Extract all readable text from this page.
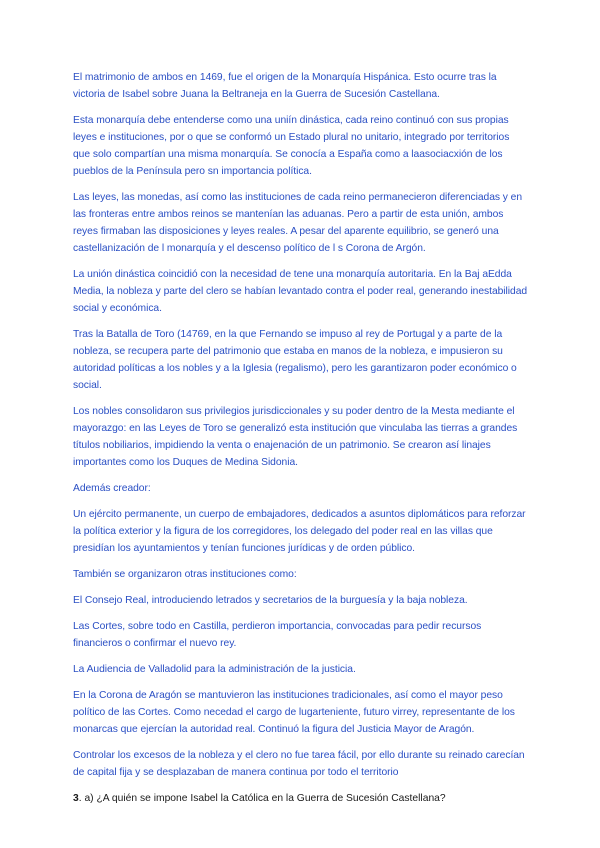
El matrimonio de ambos en 1469, fue el origen de la Monarquía Hispánica. Esto ocurre tras la victoria de Isabel sobre Juana la Beltraneja en la Guerra de Sucesión Castellana.

Esta monarquía debe entenderse como una uniín dinástica, cada reino continuó con sus propias leyes e instituciones, por o que se conformó un Estado plural no unitario, integrado por territorios que solo compartían una misma monarquía. Se conocía a España como a laasociacxión de los pueblos de la Península pero sn importancia política.

Las leyes, las monedas, así como las instituciones de cada reino permanecieron diferenciadas y en las fronteras entre ambos reinos se mantenían las aduanas. Pero a partir de esta unión, ambos reyes firmaban las disposiciones y leyes reales. A pesar del aparente equilibrio, se generó una castellanización de l monarquía y el descenso político de l s Corona de Argón.

La unión dinástica coincidió con la necesidad de tene una monarquía autoritaria. En la Baj aEdda Media, la nobleza y parte del clero se habían levantado contra el poder real, generando inestabilidad social y económica.

Tras la Batalla de Toro (14769, en la que Fernando se impuso al rey de Portugal y a parte de la nobleza, se recupera parte del patrimonio que estaba en manos de la nobleza, e impusieron su autoridad políticas a los nobles y a la Iglesia (regalismo), pero les garantizaron poder económico o social.

Los nobles consolidaron sus privilegios jurisdiccionales y su poder dentro de la Mesta mediante el mayorazgo: en las Leyes de Toro se generalizó esta institución que vinculaba las tierras a grandes títulos nobiliarios, impidiendo la venta o enajenación de un patrimonio. Se crearon así linajes importantes como los Duques de Medina Sidonia.

Además creador:

Un ejército permanente, un cuerpo de embajadores, dedicados a asuntos diplomáticos para reforzar la política exterior y la figura de los corregidores, los delegado del poder real en las villas que presidían los ayuntamientos y tenían funciones jurídicas y de orden público.

También se organizaron otras instituciones como:

El Consejo Real, introduciendo letrados y secretarios de la burguesía y la baja nobleza.

Las Cortes, sobre todo en Castilla, perdieron importancia, convocadas para pedir recursos financieros o confirmar el nuevo rey.

La Audiencia de Valladolid para la administración de la justicia.

En la Corona de Aragón se mantuvieron las instituciones tradicionales, así como el mayor peso político de las Cortes. Como necedad el cargo de lugarteniente, futuro virrey, representante de los monarcas que ejercían la autoridad real. Continuó la figura del Justicia Mayor de Aragón.

Controlar los excesos de la nobleza y el clero no fue tarea fácil, por ello durante su reinado carecían de capital fija y se desplazaban de manera continua por todo el territorio

3. a) ¿A quién se impone Isabel la Católica en la Guerra de Sucesión Castellana?
